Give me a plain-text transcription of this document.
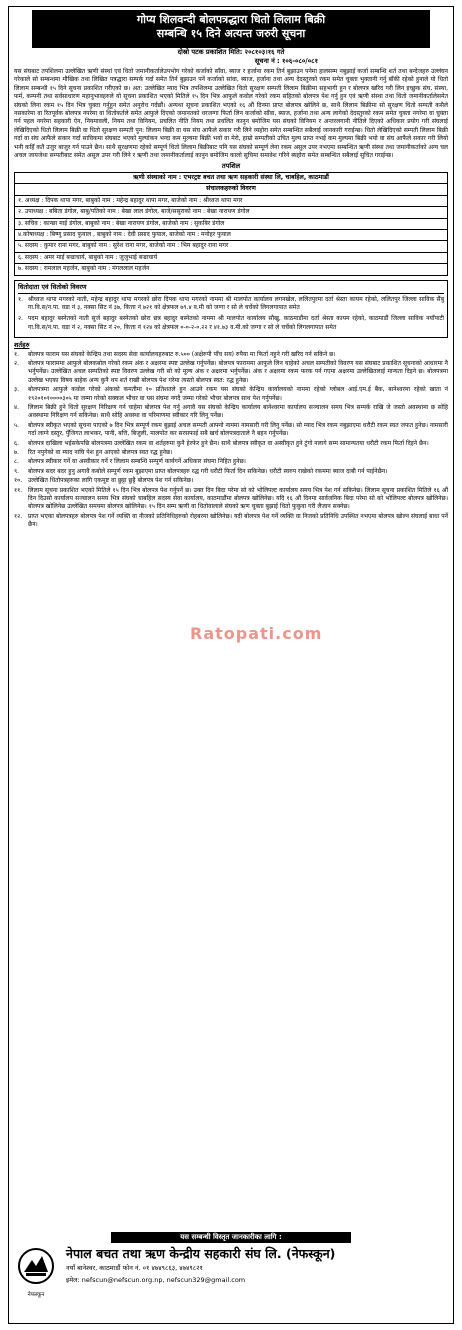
गोप्य शिलवन्दी बोलपत्रद्धारा धितो लिलाम बिक्री
सम्बन्धि १५ दिने अत्यन्त जरुरी सूचना
दोस्रो पटक प्रकाशित मिति: २०८१०३।१६ गते
सूचना नं : १०६-०८०/०८१
यस संघबाट तपशिलमा उल्लेखित ऋणी संस्थां एवं धितो जमानीकर्तालेउपभोग गरेको कर्जाको साँवा, ब्याज र हर्जाना रकम तिर्न बुझाउन पनेमा हालसम्म नबुझाई कर्जा सम्बन्धि शर्त तथा बन्देजहरु उल्लंघन गरेकाले सो सम्बन्धमा मौखिक तथा लिखित पत्रद्धारा सम्पर्क गर्दा समेत तिर्न बुझाउन पनें कर्जाको सांवा, ब्याज, हर्जाना तथा अन्य देदस्तुरको रकम समेत चुक्ता भुक्तानी गर्नु बाँकी रहेको हुनाले यो धितो लिलाम सम्बन्धी १५ दिने सूचना प्रकाशित गरीएको छ। अत: उल्लेखित म्याद भित्र तपशिलमा उल्लेखित धितो सुरक्षण सम्पती लिलाम बिक्रीमा सहभागी हुन र बोलपत्र खरिद गरी लिन इच्छुक संघ, संस्था, फर्म, कम्पनी तथा सर्वसाधारण महानुभावहरुले यो सूचना प्रकाशित भएको मितिले १५ दिन भित्र आफुले कवोल गरेको रकम सहितको बोलपत्र पेश गर्नु हुन एवं ऋणी संस्था तथा धितो जमानीकर्तालेसमेत संघको लिना रकम १५ दिन भित्र चुक्ता गर्नुहुन समेत अनुरोध गर्दछौं। अन्यथा सूचना प्रकाशित भएको १६ औं दिनमा प्राप्त बोलपत्र खोलिने छ, साथै लिलाम बिक्रीमा सो सुरक्षण धितो सम्पती कसैले नसकारेमा वा रितपूर्वक बोलपत्र नपरेमा वा धितोकर्तले समेत आफुले दिएको जमानतको धरजग्गा फिर्ता लिन कर्जाको साँवा, ब्याज, हर्जाना तथा अन्य लागेको देदस्तुरको रकम समेत चुक्ता नगरेमा वा चुक्ता गर्न पहल नगरेमा सहकारी ऐन, नियमावली, नियम तथा विनियम, प्रचलित नीति नियम तथा प्रचलित कानुन बमोजिम यस संघको विनियम र अन्तरलगानी नीतिले दिएको अधिकार प्रयोग गरी संघलाई लेखिदिएको धितो लिलाम बिक्री वा धितो सुरक्षण सम्पती पुन: लिलाम बिक्री वा यस संघ आफैले सकार गरी लिने व्यहोरा समेत सम्बन्धित सबैलाई जानकारी गराईन्छ। धितो लेखिदिएको सम्पती लिलाम बिक्री गर्दा वा संघ आफैले सकार गर्दा साविकमा संघबाट भएको मुल्यांकन भन्दा कम मुल्यमा बिक्री भयो वा मेरो, हाम्रो सम्पतीको उचित मुल्य प्राप्त नभई कम मुल्यमा बिक्री भयो वा संघ आफैले सकार गरी लियो भनी कहिँ कतै उजुर बाजुर गर्न पाउने छैन। साथै सुरक्षणमा रहेको सम्पूर्ण धितो लिलाम बिक्रीबाट पनि यस संघको सम्पूर्ण लेना रकम असुल उपर नभएमा सम्बन्धित ऋणी संस्था तथा जमानीकर्ताको अन्य चल अचल जायजेथा सम्पतीबाट समेत असुल उपर गरी लिने र ऋणी तथा जमानीकर्तालाई कानुन बमोजिम कालो सुचिमा समावेश गरिने ब्यहोरा समेत सम्बन्धित सबैलाई सुचित गराईन्छ।
तपशिल
ऋणी संस्थाको नाम : एभरट्रष्ट बचत तथा ऋण सहकारी संस्था लि, चाबहिल, काठमाडौं
संचालकहरुको विवरण
१. अध्यक्ष : दिपक थापा मगर, बाबुको नाम : महेन्द्र बहादुर थापा मगर, बाजेको नाम : श्रीध्वज थापा मगर
२. उपाध्यक्ष : बबिता डंगोल, बाबु/पतिको नाम : बेखा लाल डंगोल, बाजे/ससुराको नाम : बेखा नारायण डंगोल
३. सचिव : कान्छा माई डंगोल, बाबुको नाम : बेखा नारायण डंगोल, बाजेको नाम : सुकबिर डंगोल
४.कोषाध्यक्ष : बिष्णु प्रसाद फुयाल , बाबुको नाम : देवी प्रसाद फुयाल, बाजेको नाम : मनोहर फुयाल
५. सदस्य : कुमार राना मगर, बाबुको नाम : सुरेश राना मगर, बाजेको नाम : भिम बहादुर राना मगर
६. सदस्य : अमर माई बज्राचार्य, बाबुको नाम : जुजुभाई बज्राचार्य
७. सदस्य : रामलाल महर्जन, बाबुको नाम : मंगललाल महर्जन
धितोदाता एवं धितोको विवरण
१. श्रीध्वज थापा मगरको नाती, महेन्द्र बहादुर थापा मगरको छोरा दिपक थापा मगरको नाममा श्री मालपोत कार्यालय लगनखेल, ललितपुरमा दर्ता श्रेस्ता कायम रहेको, ललितपुर जिल्ला साविक सैंबु गा.वि.स/न.पा. वडा नं ३, नक्सा सिट नं ३७, कित्ता नं ७२१ को क्षेत्रफल ७९.४ व.मी को जग्गा र सो ले चर्चेको लिगलगापात समेत
२. पदम बहादुर बस्नेतको नाती सुर्ज बहादुर बस्नेतको छोरा छत्र बहादुर बस्नेतको नाममा श्री मालपोत कार्यालय सौखु, काठमाडौंमा दर्ता श्रेस्ता कायम रहेको, काठमाडौं जिल्ला साविक नयाँपाटी गा.वि.स/न.पा. वडा नं २, नक्सा सिट नं २०, कित्ता नं १२४ को क्षेत्रफल ०-०-२-०.२२ र ४१.७३ व.मी.को जग्गा र सो ले चर्चेको लिगलगापात समेत
शर्तहरु
१.	बोलपत्र फाराम यस संघको केन्द्रिय तथा सदस्य सेवा कार्यालयहरुबाट रु.५०० (अक्षेरुपी पाँच सय) रुपैया मा फिर्ता नहुने गरी खरिद गर्न सकिने छ।
२.	बोलपत्र फाराममा आफुले बोलकबोल गरेको रकम अंक र अक्षरमा स्पष्ट उल्लेख गर्नुपर्नेछ। बोलपत्र फाराममा आफुले लिन चाहेको अचल सम्पतीको विवरण यस संघबाट प्रकाशित सूचनाको आधारमा नै भर्नुपर्नेछ। उल्लेखित अचल सम्पतिको स्पष्ट विवरण उल्लेख गरी सो को मूल्य अंक र अक्षरमा भर्नुपर्नेछ। अंक र अक्षरमा रकम फरक पर्न गएमा अक्षरमा उल्लेखितलाई मान्यता दिइने छ। बोलपत्रमा उल्लेख भएका विषय बाहेक अन्य कुनै थप शर्त राखी बोलपत्र पेश गरेमा त्यस्तो बोलपत्र स्वत: रद्ध हुनेछ।
३.	बोलपत्रमा आफुले कवोल गरेको अंकको कमतीमा १० प्रतिशतले हुन आउने रकम यस संघको केन्द्रिय कार्यालयको नाममा रहेको ग्लोबल आई.एम.ई बैंक, बानेश्वरमा रहेको खाता नं १९२०१०१००००३०५ मा जम्मा गरेको सक्कल भौचर वा यस संघमा नगदै जम्मा गरेको भौचर बोलपत्र साथ पेश गर्नुपर्नेछ।
४.	लिलाम बिक्री हुने धितो सुरक्षण निरिक्षण गर्न चाहेमा बोलपत्र पेश गर्नु अगावै यस संघको केन्द्रिय कार्यालय बानेश्वरमा कार्यालय सञ्चालन समय भित्र सम्पर्क राखि जे जस्तो अवस्थामा छ सोहि अवस्थामा निरिक्षण गर्न सकिनेछ। साथै सोहि अवस्था वा परिमाणमा स्वीकार गरि लिनु पर्नेछ।
५.	बोलपत्र स्वीकृत भएको सूचना पाएको ७ दिन भित्र सम्पूर्ण रकम बुझाई अचल सम्पती आफ्नो नाममा नामसारी गरी लिनु पर्नेछ। सो म्याद भित्र रकम नबुझाएमा धरौटी रकम स्वत जफत हुनेछ। नामसारी गर्दा लाग्ने दस्तुर, पुँजिगत लाभकर, पानी, बत्ति, बिजुली, मालपोत कर सरसफाई सबै खर्च बोलपत्रदाताले नै बहन गर्नुपर्नेछ।
६.	बोलपत्र दाखिला भईसकेपछि बोलपत्रमा उल्लेखित रकम वा शर्तहरुमा कुनै हेरफेर हुने छैन। साथै बोलपत्र स्वीकृत वा अस्वीकृत हुने टुंगो नलागे सम्म सामान्यतया धरौटी रकम फिर्ता दिइने छैन।
७.	रित नपुगेको वा म्याद नाघि पेश हुन आएको बोलपत्र स्वत रद्ध हुनेछ।
८.	बोलपत्र स्वीकार गर्ने वा अस्वीकार गर्ने र लिलाम सम्बन्धि सम्पूर्ण कार्यगर्ने अधिकार संघमा निहित हुनेछ।
९.	बोलपत्र सदर बदर हुनु अगावै कबोले सम्पूर्ण रकम बुझाएमा प्राप्त बोलपत्रहरु रद्ध गरी धरौटी फिर्ता दिन सकिनेछ। धरौटी स्वरुप राखेको रकममा ब्याज दाबी गर्न पाईनेछैन।
१०. उल्लेखित धितोपत्रहरुका लागि एकमुष्ट वा छुट्टा छुट्टै बोलपत्र पेश गर्न सकिनेछ।
११. लिलाम सूचना प्रकाशित भएको मितिले १५ दिन भित्र बोलपत्र पेश गर्नुपर्ने छ। उक्त दिन बिदा परेमा सो को भोलिपल्ट कार्यालय समय भित्र पेश गर्न सकिनेछ। लिलाम सूचना प्रकाशित मितिले १६ औं दिन दिउसो कार्यालय सञ्चालन समय भित्र संघको चाबहिल सदस्य सेवा कार्यालय, काठमाडौंमा बोलपत्र खोलिनेछ। यदि १६ औं दिनमा सार्वजनिक बिदा परेमा सो को भोलिपल्ट बोलपत्र खोलिनेछ। बोलपत्र खोलिनेछ उल्लेखित समयमा बोलपत्र खोलिनेछ। १५ दिन सम्म ऋणी वा धितोवालाले संघको ऋण चुक्ता बुझाई धितो फुकुवा गरी लैजान सक्नेछ।
१२. प्राप्त भएका बोलपत्रहरु बोलपत्र पेश गर्ने व्यक्ति वा नीजको प्रतिनिधिहरुको रोहबरमा खोलिनेछ। यदी बोलपत्र पेश गर्ने व्यक्ति वा निजको प्रतिनिधि उपस्थित नभएमा बोलपत्र खोल्न संघलाई बाधा पर्ने छैन।
Ratopati.com
यस सम्बन्धी विस्तृत जानकारीका लागि :
नेफस्कून
नेपाल बचत तथा ऋण केन्द्रीय सहकारी संघ लि. (नेफस्कून)
नयाँ बानेश्वर, काठमाडौं फोन नं. ०१ ४७४९८६३, ४७४९८२१
इमेल: nefscun@nefscun.org.np, nefscun329@gmail.com
